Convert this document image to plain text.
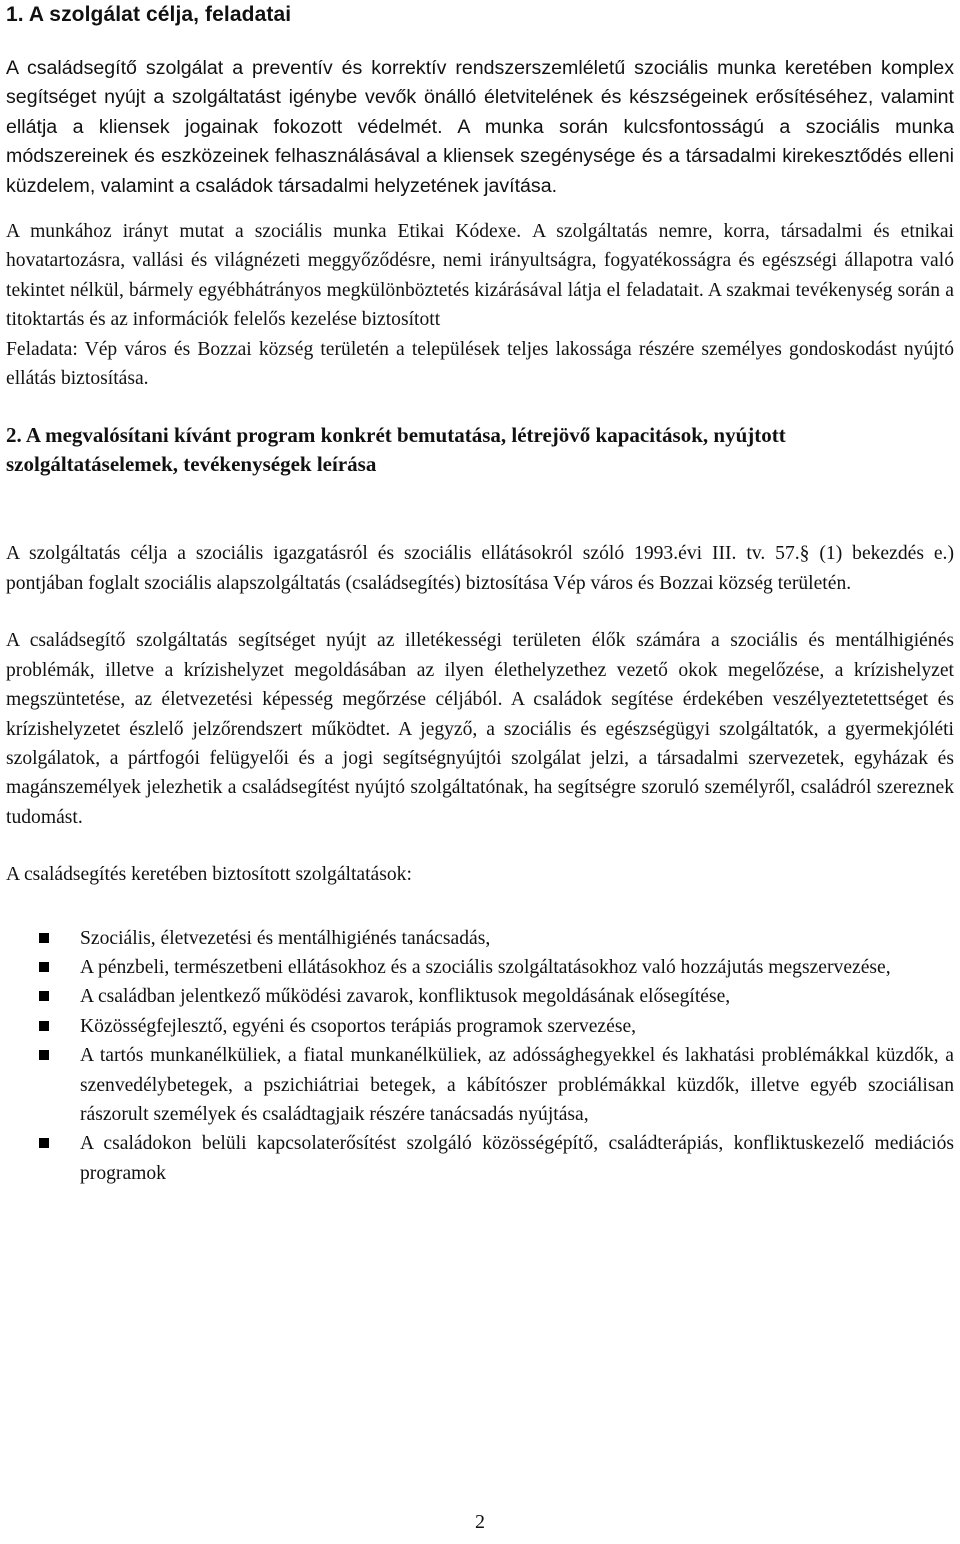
1. A szolgálat célja, feladatai

A családsegítő szolgálat a preventív és korrektív rendszerszemléletű szociális munka keretében komplex segítséget nyújt a szolgáltatást igénybe vevők önálló életvitelének és készségeinek erősítéséhez, valamint ellátja a kliensek jogainak fokozott védelmét. A munka során kulcsfontosságú a szociális munka módszereinek és eszközeinek felhasználásával a kliensek szegénysége és a társadalmi kirekesztődés elleni küzdelem, valamint a családok társadalmi helyzetének javítása.

A munkához irányt mutat a szociális munka Etikai Kódexe. A szolgáltatás nemre, korra, társadalmi és etnikai hovatartozásra, vallási és világnézeti meggyőződésre, nemi irányultságra, fogyatékosságra és egészségi állapotra való tekintet nélkül, bármely egyébhátrányos megkülönböztetés kizárásával látja el feladatait. A szakmai tevékenység során a titoktartás és az információk felelős kezelése biztosított

Feladata: Vép város és Bozzai község területén a települések teljes lakossága részére személyes gondoskodást nyújtó ellátás biztosítása.

2. A megvalósítani kívánt program konkrét bemutatása, létrejövő kapacitások, nyújtott szolgáltatáselemek, tevékenységek leírása

A szolgáltatás célja a szociális igazgatásról és szociális ellátásokról szóló 1993.évi III. tv. 57.§ (1) bekezdés e.) pontjában foglalt szociális alapszolgáltatás (családsegítés) biztosítása Vép város és Bozzai község területén.

A családsegítő szolgáltatás segítséget nyújt az illetékességi területen élők számára a szociális és mentálhigiénés problémák, illetve a krízishelyzet megoldásában az ilyen élethelyzethez vezető okok megelőzése, a krízishelyzet megszüntetése, az életvezetési képesség megőrzése céljából. A családok segítése érdekében veszélyeztetettséget és krízishelyzetet észlelő jelzőrendszert működtet. A jegyző, a szociális és egészségügyi szolgáltatók, a gyermekjóléti szolgálatok, a pártfogói felügyelői és a jogi segítségnyújtói szolgálat jelzi, a társadalmi szervezetek, egyházak és magánszemélyek jelezhetik a családsegítést nyújtó szolgáltatónak, ha segítségre szoruló személyről, családról szereznek tudomást.

A családsegítés keretében biztosított szolgáltatások:

Szociális, életvezetési és mentálhigiénés tanácsadás,
A pénzbeli, természetbeni ellátásokhoz és a szociális szolgáltatásokhoz való hozzájutás megszervezése,
A családban jelentkező működési zavarok, konfliktusok megoldásának elősegítése,
Közösségfejlesztő, egyéni és csoportos terápiás programok szervezése,
A tartós munkanélküliek, a fiatal munkanélküliek, az adóssághegyekkel és lakhatási problémákkal küzdők, a szenvedélybetegek, a pszichiátriai betegek, a kábítószer problémákkal küzdők, illetve egyéb szociálisan rászorult személyek és családtagjaik részére tanácsadás nyújtása,
A családokon belüli kapcsolaterősítést szolgáló közösségépítő, családterápiás, konfliktuskezelő mediációs programok
2
